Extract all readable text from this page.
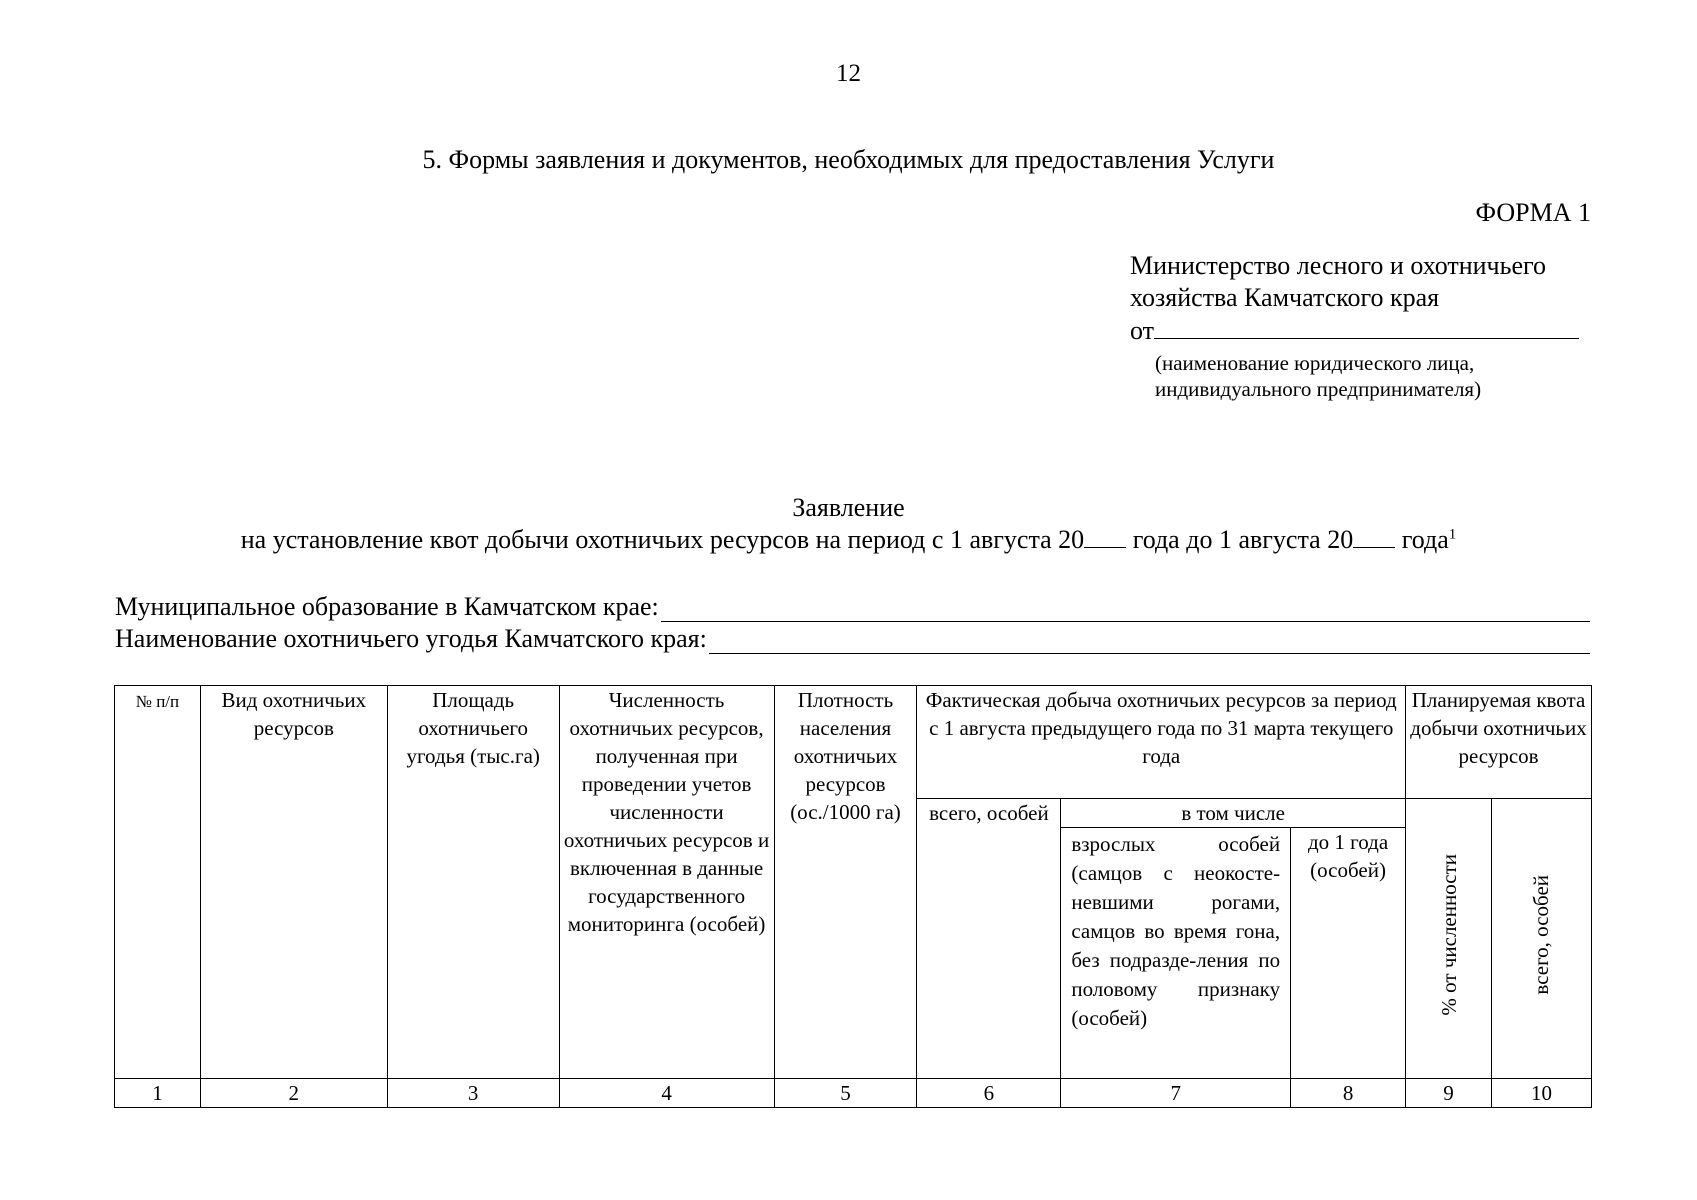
12
5. Формы заявления и документов, необходимых для предоставления Услуги
ФОРМА 1
Министерство лесного и охотничьего
хозяйства Камчатского края
от
(наименование юридического лица,
индивидуального предпринимателя)
Заявление
на установление квот добычи охотничьих ресурсов на период с 1 августа 20 года до 1 августа 20 года$^1$
Муниципальное образование в Камчатском крае:
Наименование охотничьего угодья Камчатского края:
№ п/п	Вид охотничьих ресурсов	Площадь охотничьего угодья (тыс.га)	Численность охотничьих ресурсов, полученная при проведении учетов численности охотничьих ресурсов и включенная в данные государственного мониторинга (особей)	Плотность населения охотничьих ресурсов (ос./1000 га)	Фактическая добыча охотничьих ресурсов за период с 1 августа предыдущего года по 31 марта текущего года			Планируемая квота добычи охотничьих ресурсов	
					всего, особей	в том числе		% от численности	всего, особей
						взрослых особей (самцов с неокосте-невшими рогами, самцов во время гона, без подразде-ления по половому признаку (особей)	до 1 года (особей)		
1	2	3	4	5	6	7	8	9	10
